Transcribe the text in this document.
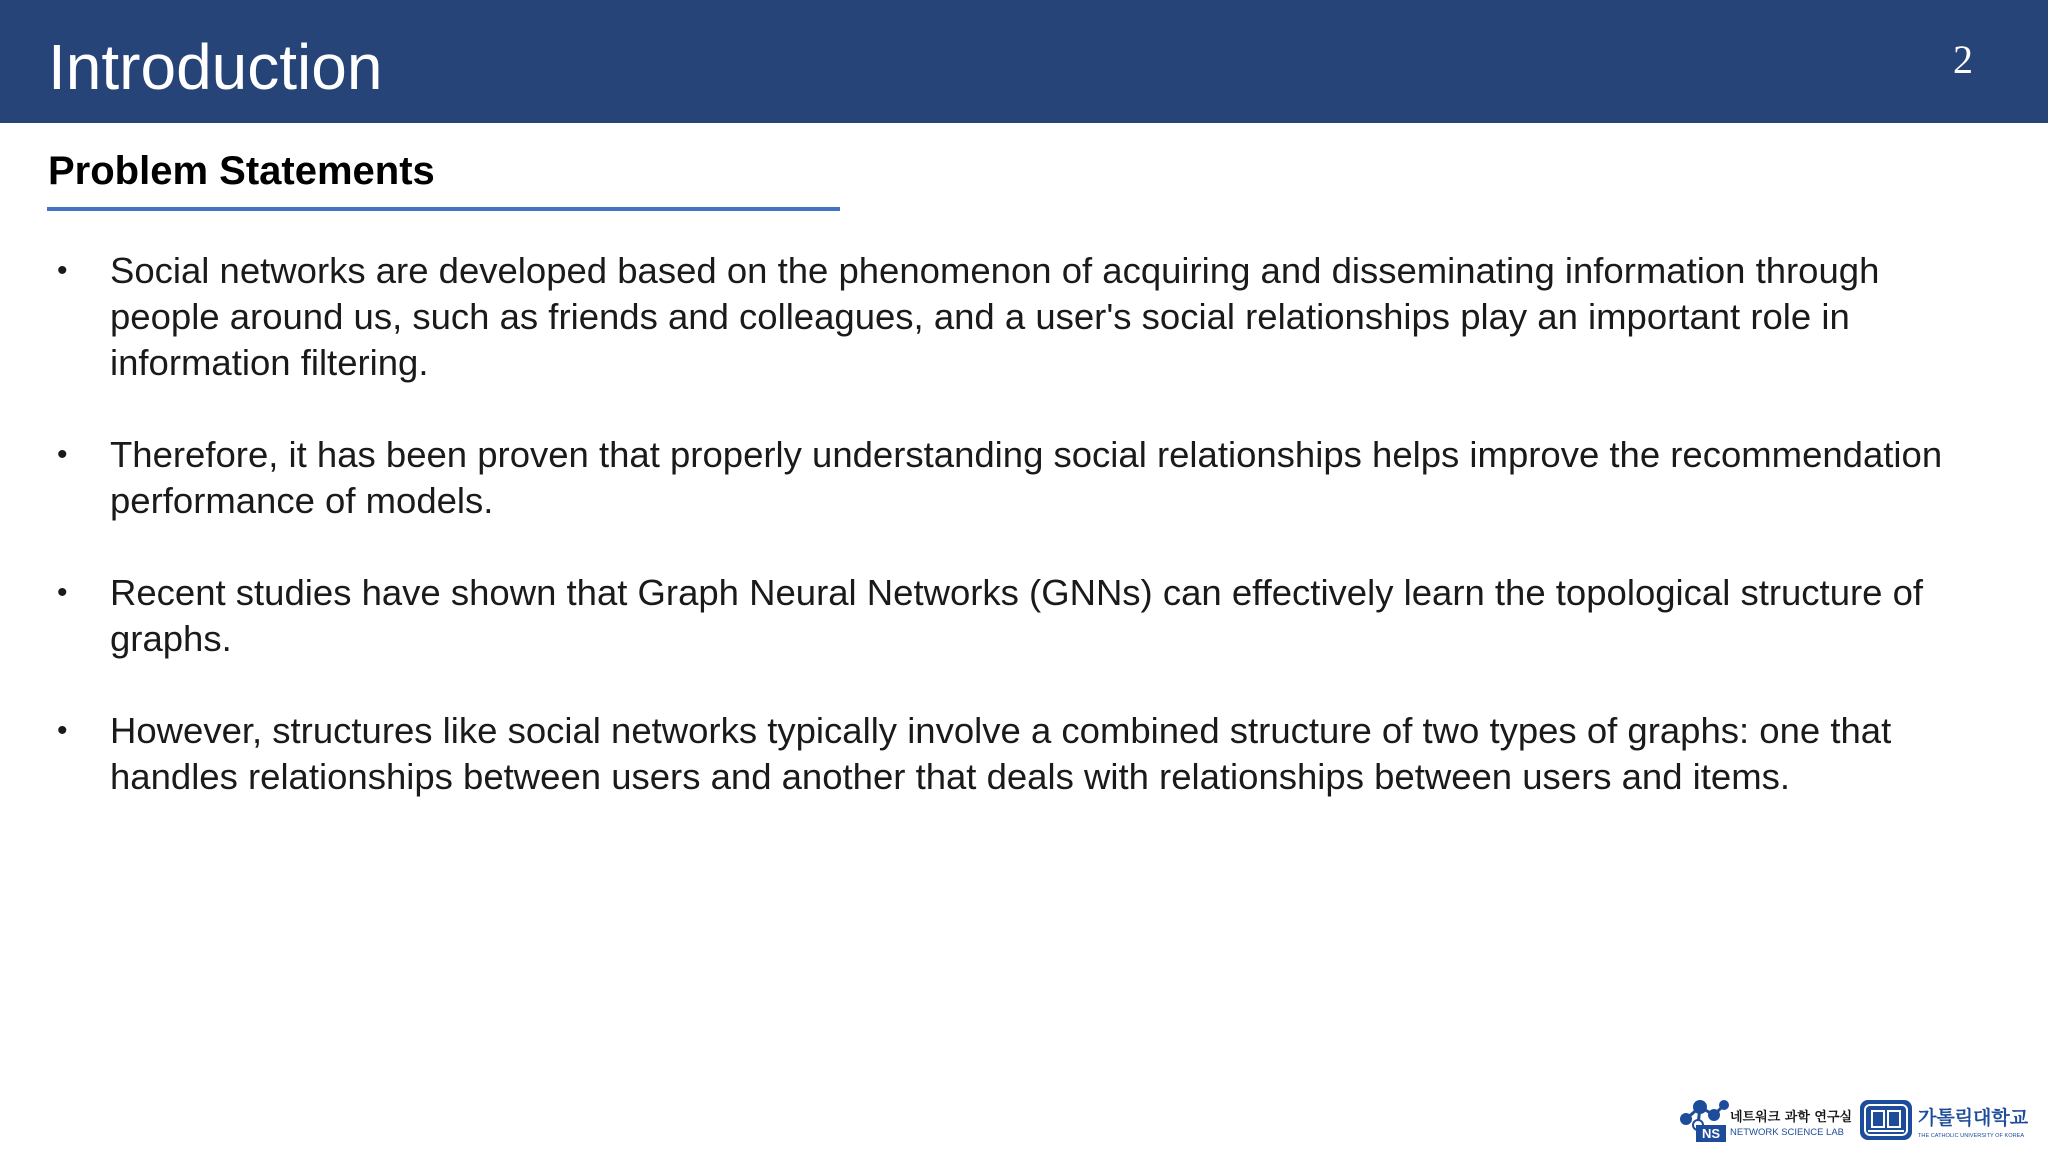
Introduction	2
Problem Statements
• Social networks are developed based on the phenomenon of acquiring and disseminating information through people around us, such as friends and colleagues, and a user's social relationships play an important role in information filtering.
• Therefore, it has been proven that properly understanding social relationships helps improve the recommendation performance of models.
• Recent studies have shown that Graph Neural Networks (GNNs) can effectively learn the topological structure of graphs.
• However, structures like social networks typically involve a combined structure of two types of graphs: one that handles relationships between users and another that deals with relationships between users and items.
NS
네트워크 과학 연구실
NETWORK SCIENCE LAB
가톨릭대학교
THE CATHOLIC UNIVERSITY OF KOREA
